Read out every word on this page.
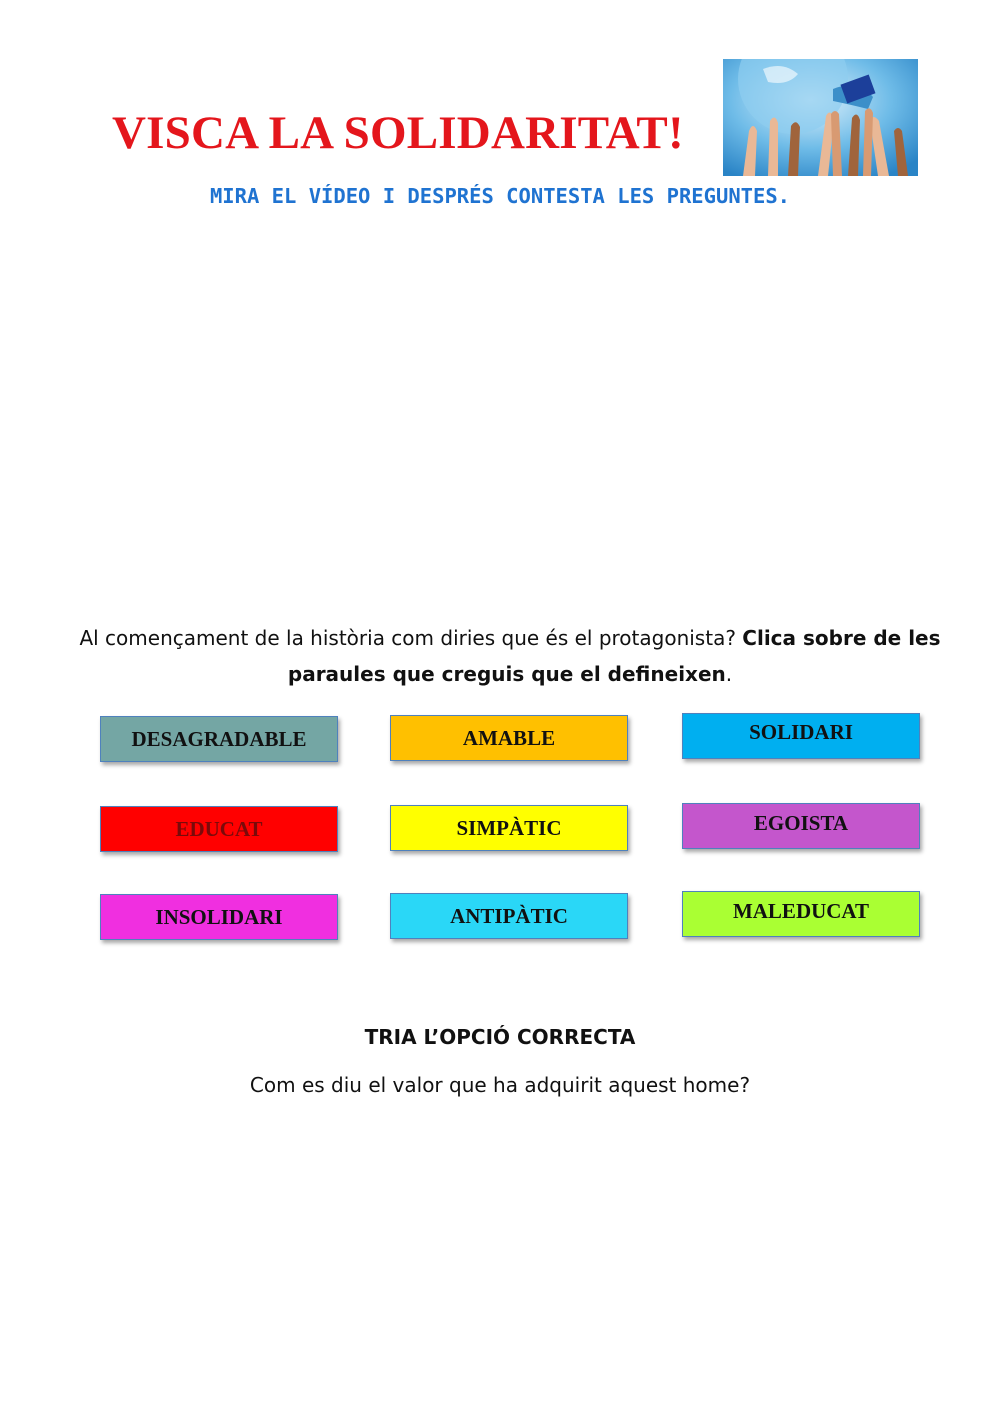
VISCA LA SOLIDARITAT!
MIRA EL VÍDEO I DESPRÉS CONTESTA LES PREGUNTES.
Al començament de la història com diries que és el protagonista? Clica sobre de les paraules que creguis que el defineixen.
DESAGRADABLE	AMABLE	SOLIDARI
EDUCAT	SIMPÀTIC	EGOISTA
INSOLIDARI	ANTIPÀTIC	MALEDUCAT
TRIA L’OPCIÓ CORRECTA
Com es diu el valor que ha adquirit aquest home?
